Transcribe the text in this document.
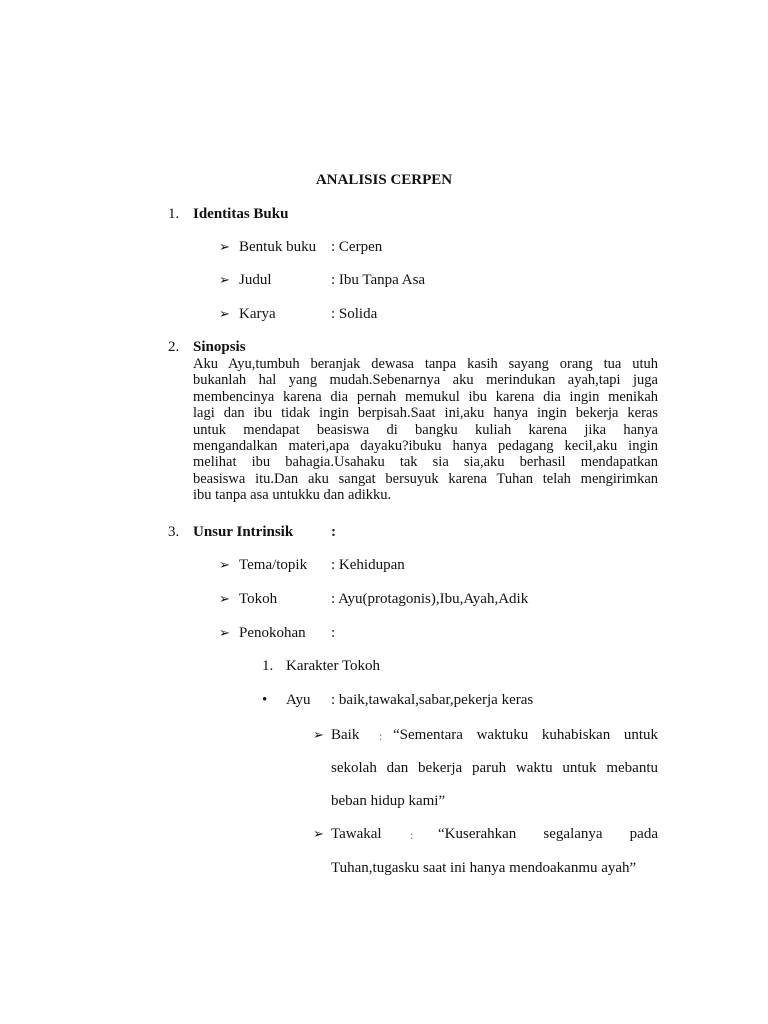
ANALISIS CERPEN
1. Identitas Buku
➢ Bentuk buku : Cerpen
➢ Judul	: Ibu Tanpa Asa
➢ Karya	: Solida
2. Sinopsis
Aku Ayu,tumbuh beranjak dewasa tanpa kasih sayang orang tua utuh
bukanlah hal yang mudah.Sebenarnya aku merindukan ayah,tapi juga
membencinya karena dia pernah memukul ibu karena dia ingin menikah
lagi dan ibu tidak ingin berpisah.Saat ini,aku hanya ingin bekerja keras
untuk mendapat beasiswa di bangku kuliah karena jika hanya
mengandalkan materi,apa dayaku?ibuku hanya pedagang kecil,aku ingin
melihat ibu bahagia.Usahaku tak sia sia,aku berhasil mendapatkan
beasiswa itu.Dan aku sangat bersuyuk karena Tuhan telah mengirimkan
ibu tanpa asa untukku dan adikku.
3. Unsur Intrinsik	:
➢ Tema/topik : Kehidupan
➢ Tokoh	: Ayu(protagonis),Ibu,Ayah,Adik
➢ Penokohan :
1. Karakter Tokoh
• Ayu : baik,tawakal,sabar,pekerja keras
➢ Baik : “Sementara waktuku kuhabiskan untuk
sekolah dan bekerja paruh waktu untuk mebantu
beban hidup kami”
➢ Tawakal : “Kuserahkan segalanya pada
Tuhan,tugasku saat ini hanya mendoakanmu ayah”
